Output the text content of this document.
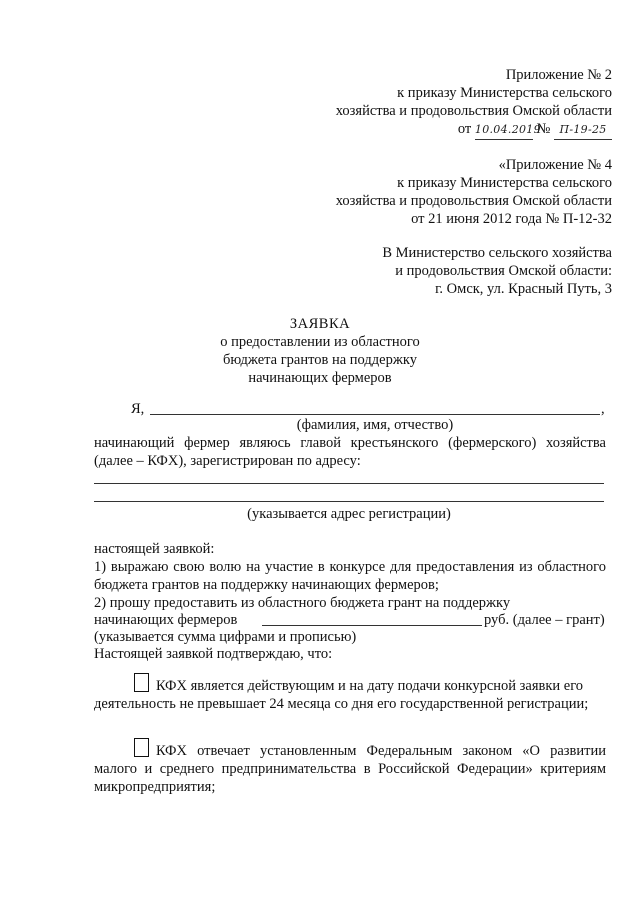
Приложение № 2
к приказу Министерства сельского
хозяйства и продовольствия Омской области
от 10.04.2019 № П-19-25
«Приложение № 4
к приказу Министерства сельского
хозяйства и продовольствия Омской области
от 21 июня 2012 года № П-12-32
В Министерство сельского хозяйства
и продовольствия Омской области:
г. Омск, ул. Красный Путь, 3
ЗАЯВКА
о предоставлении из областного
бюджета грантов на поддержку
начинающих фермеров
Я,	,
(фамилия, имя, отчество)
начинающий фермер являюсь главой крестьянского (фермерского) хозяйства (далее – КФХ), зарегистрирован по адресу:
(указывается адрес регистрации)
настоящей заявкой:
1) выражаю свою волю на участие в конкурсе для предоставления из областного бюджета грантов на поддержку начинающих фермеров;
2) прошу предоставить из областного бюджета грант на поддержку
начинающих фермеров	руб. (далее – грант)
(указывается сумма цифрами и прописью)
Настоящей заявкой подтверждаю, что:
КФХ является действующим и на дату подачи конкурсной заявки его деятельность не превышает 24 месяца со дня его государственной регистрации;
КФХ отвечает установленным Федеральным законом «О развитии малого и среднего предпринимательства в Российской Федерации» критериям микропредприятия;
